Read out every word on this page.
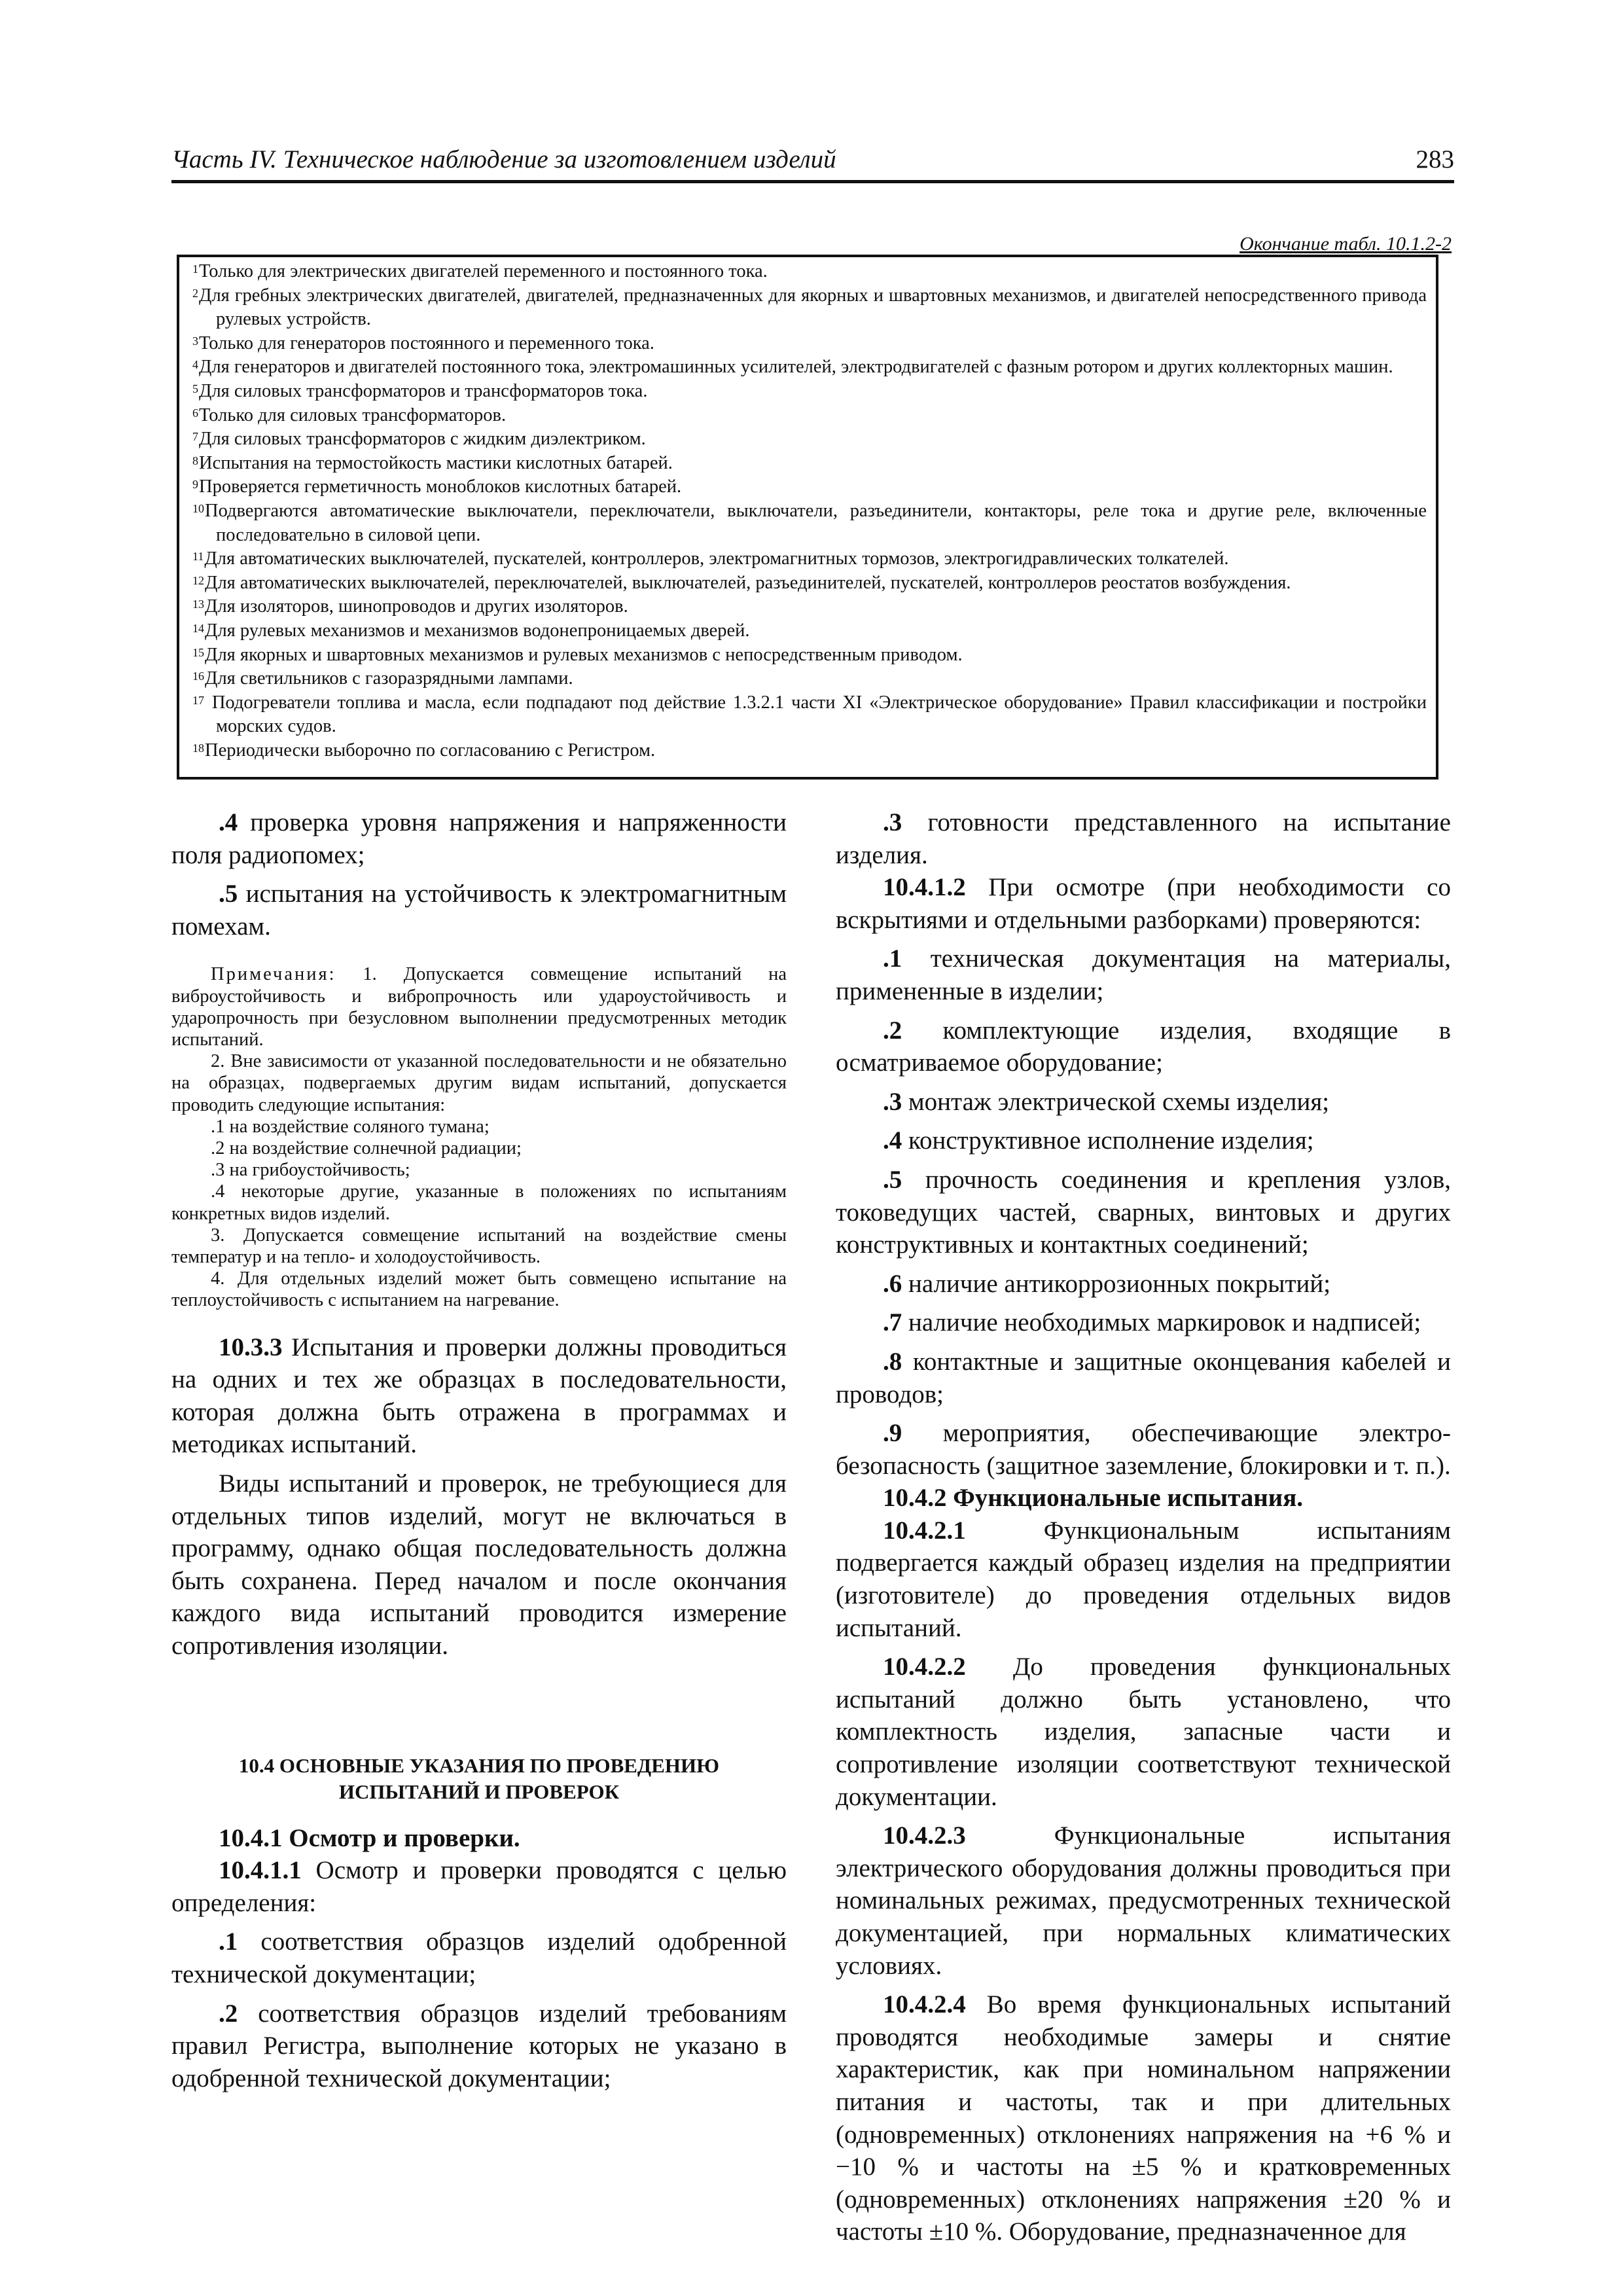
Часть IV. Техническое наблюдение за изготовлением изделий	283
Окончание табл. 10.1.2-2
$^1$Только для электрических двигателей переменного и постоянного тока.
$^2$Для гребных электрических двигателей, двигателей, предназначенных для якорных и швартовных механизмов, и двигателей непосредственного привода рулевых устройств.
$^3$Только для генераторов постоянного и переменного тока.
$^4$Для генераторов и двигателей постоянного тока, электромашинных усилителей, электродвигателей с фазным ротором и других коллекторных машин.
$^5$Для силовых трансформаторов и трансформаторов тока.
$^6$Только для силовых трансформаторов.
$^7$Для силовых трансформаторов с жидким диэлектриком.
$^8$Испытания на термостойкость мастики кислотных батарей.
$^9$Проверяется герметичность моноблоков кислотных батарей.
$^{10}$Подвергаются автоматические выключатели, переключатели, выключатели, разъединители, контакторы, реле тока и другие реле, включенные последовательно в силовой цепи.
$^{11}$Для автоматических выключателей, пускателей, контроллеров, электромагнитных тормозов, электрогидравлических толкателей.
$^{12}$Для автоматических выключателей, переключателей, выключателей, разъединителей, пускателей, контроллеров реостатов возбуждения.
$^{13}$Для изоляторов, шинопроводов и других изоляторов.
$^{14}$Для рулевых механизмов и механизмов водонепроницаемых дверей.
$^{15}$Для якорных и швартовных механизмов и рулевых механизмов с непосредственным приводом.
$^{16}$Для светильников с газоразрядными лампами.
$^{17}$ Подогреватели топлива и масла, если подпадают под действие 1.3.2.1 части XI «Электрическое оборудование» Правил классификации и постройки морских судов.
$^{18}$Периодически выборочно по согласованию с Регистром.

.4 проверка уровня напряжения и напряженности поля радиопомех;

.5 испытания на устойчивость к электромагнитным помехам.

Примечания: 1. Допускается совмещение испытаний на виброустойчивость и вибропрочность или удароустойчивость и ударопрочность при безусловном выполнении предусмотренных методик испытаний.
2. Вне зависимости от указанной последовательности и не обязательно на образцах, подвергаемых другим видам испытаний, допускается проводить следующие испытания:
.1 на воздействие соляного тумана;
.2 на воздействие солнечной радиации;
.3 на грибоустойчивость;
.4 некоторые другие, указанные в положениях по испытаниям конкретных видов изделий.
3. Допускается совмещение испытаний на воздействие смены температур и на тепло- и холодоустойчивость.
4. Для отдельных изделий может быть совмещено испытание на теплоустойчивость с испытанием на нагревание.

10.3.3 Испытания и проверки должны проводиться на одних и тех же образцах в последовательности, которая должна быть отражена в программах и методиках испытаний.

Виды испытаний и проверок, не требующиеся для отдельных типов изделий, могут не включаться в программу, однако общая последовательность должна быть сохранена. Перед началом и после окончания каждого вида испытаний проводится измерение сопротивления изоляции.

10.4 ОСНОВНЫЕ УКАЗАНИЯ ПО ПРОВЕДЕНИЮ
ИСПЫТАНИЙ И ПРОВЕРОК
10.4.1 Осмотр и проверки.

10.4.1.1 Осмотр и проверки проводятся с целью определения:

.1 соответствия образцов изделий одобренной технической документации;

.2 соответствия образцов изделий требованиям правил Регистра, выполнение которых не указано в одобренной технической документации;

.3 готовности представленного на испытание изделия.

10.4.1.2 При осмотре (при необходимости со вскрытиями и отдельными разборками) проверяются:

.1 техническая документация на материалы, примененные в изделии;

.2 комплектующие изделия, входящие в осматриваемое оборудование;

.3 монтаж электрической схемы изделия;

.4 конструктивное исполнение изделия;

.5 прочность соединения и крепления узлов, токоведущих частей, сварных, винтовых и других конструктивных и контактных соединений;

.6 наличие антикоррозионных покрытий;

.7 наличие необходимых маркировок и надписей;

.8 контактные и защитные оконцевания кабелей и проводов;

.9 мероприятия, обеспечивающие электро-безопасность (защитное заземление, блокировки и т. п.).

10.4.2 Функциональные испытания.

10.4.2.1 Функциональным испытаниям подвергается каждый образец изделия на предприятии (изготовителе) до проведения отдельных видов испытаний.

10.4.2.2 До проведения функциональных испытаний должно быть установлено, что комплектность изделия, запасные части и сопротивление изоляции соответствуют технической документации.

10.4.2.3 Функциональные испытания электрического оборудования должны проводиться при номинальных режимах, предусмотренных технической документацией, при нормальных климатических условиях.

10.4.2.4 Во время функциональных испытаний проводятся необходимые замеры и снятие характеристик, как при номинальном напряжении питания и частоты, так и при длительных (одновременных) отклонениях напряжения на +6 % и −10 % и частоты на ±5 % и кратковременных (одновременных) отклонениях напряжения ±20 % и частоты ±10 %. Оборудование, предназначенное для
